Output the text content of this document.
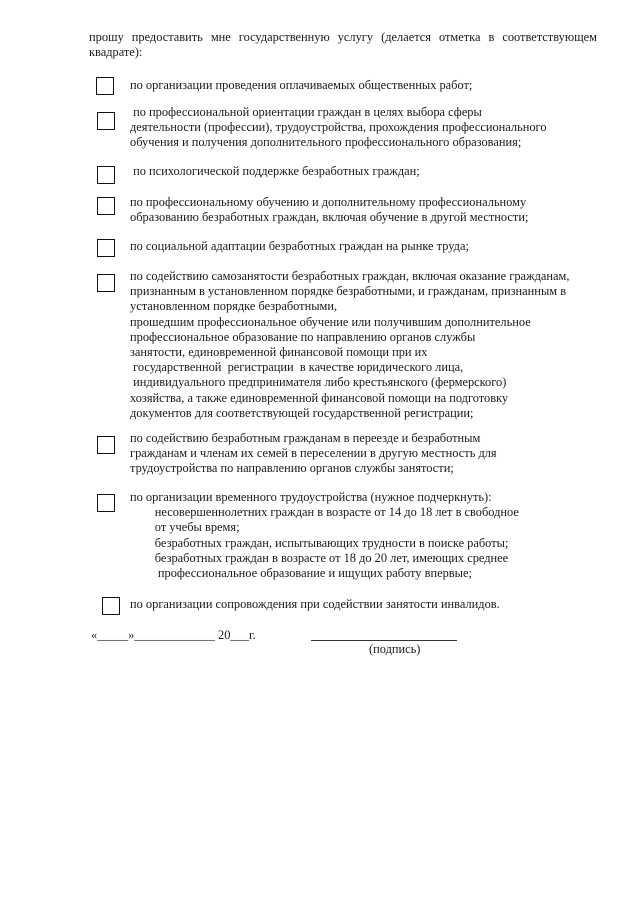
прошу предоставить мне государственную услугу (делается отметка в соответствующем
квадрате):
по организации проведения оплачиваемых общественных работ;
по профессиональной ориентации граждан в целях выбора сферы
деятельности (профессии), трудоустройства, прохождения профессионального
обучения и получения дополнительного профессионального образования;
по психологической поддержке безработных граждан;
по профессиональному обучению и дополнительному профессиональному
образованию безработных граждан, включая обучение в другой местности;
по социальной адаптации безработных граждан на рынке труда;
по содействию самозанятости безработных граждан, включая оказание гражданам,
признанным в установленном порядке безработными, и гражданам, признанным в
установленном порядке безработными,
прошедшим профессиональное обучение или получившим дополнительное
профессиональное образование по направлению органов службы
занятости, единовременной финансовой помощи при их
государственной  регистрации  в качестве юридического лица,
индивидуального предпринимателя либо крестьянского (фермерского)
хозяйства, а также единовременной финансовой помощи на подготовку
документов для соответствующей государственной регистрации;
по содействию безработным гражданам в переезде и безработным
гражданам и членам их семей в переселении в другую местность для
трудоустройства по направлению органов службы занятости;
по организации временного трудоустройства (нужное подчеркнуть):
несовершеннолетних граждан в возрасте от 14 до 18 лет в свободное
от учебы время;
безработных граждан, испытывающих трудности в поиске работы;
безработных граждан в возрасте от 18 до 20 лет, имеющих среднее
профессиональное образование и ищущих работу впервые;
по организации сопровождения при содействии занятости инвалидов.
«_____»_____________ 20___г.
(подпись)
